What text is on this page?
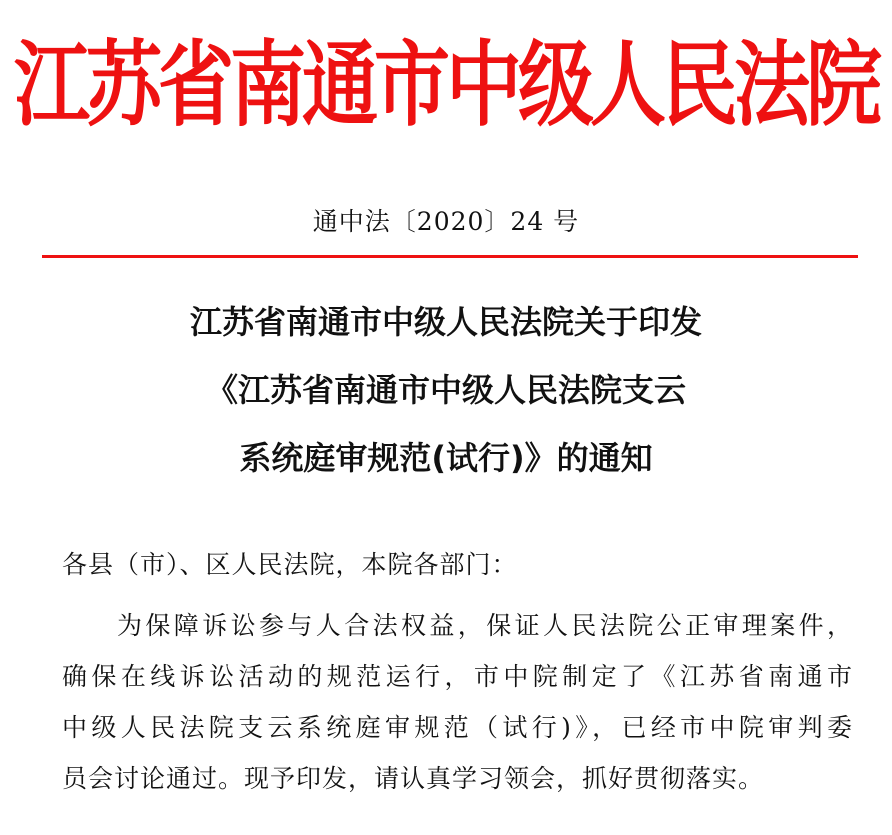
江苏省南通市中级人民法院
通中法〔2020〕24 号
江苏省南通市中级人民法院关于印发
《江苏省南通市中级人民法院支云
系统庭审规范(试行)》的通知
各县（市）、区人民法院，本院各部门：
为保障诉讼参与人合法权益，保证人民法院公正审理案件，
确保在线诉讼活动的规范运行，市中院制定了《江苏省南通市
中级人民法院支云系统庭审规范（试行)》，已经市中院审判委
员会讨论通过。现予印发，请认真学习领会，抓好贯彻落实。
